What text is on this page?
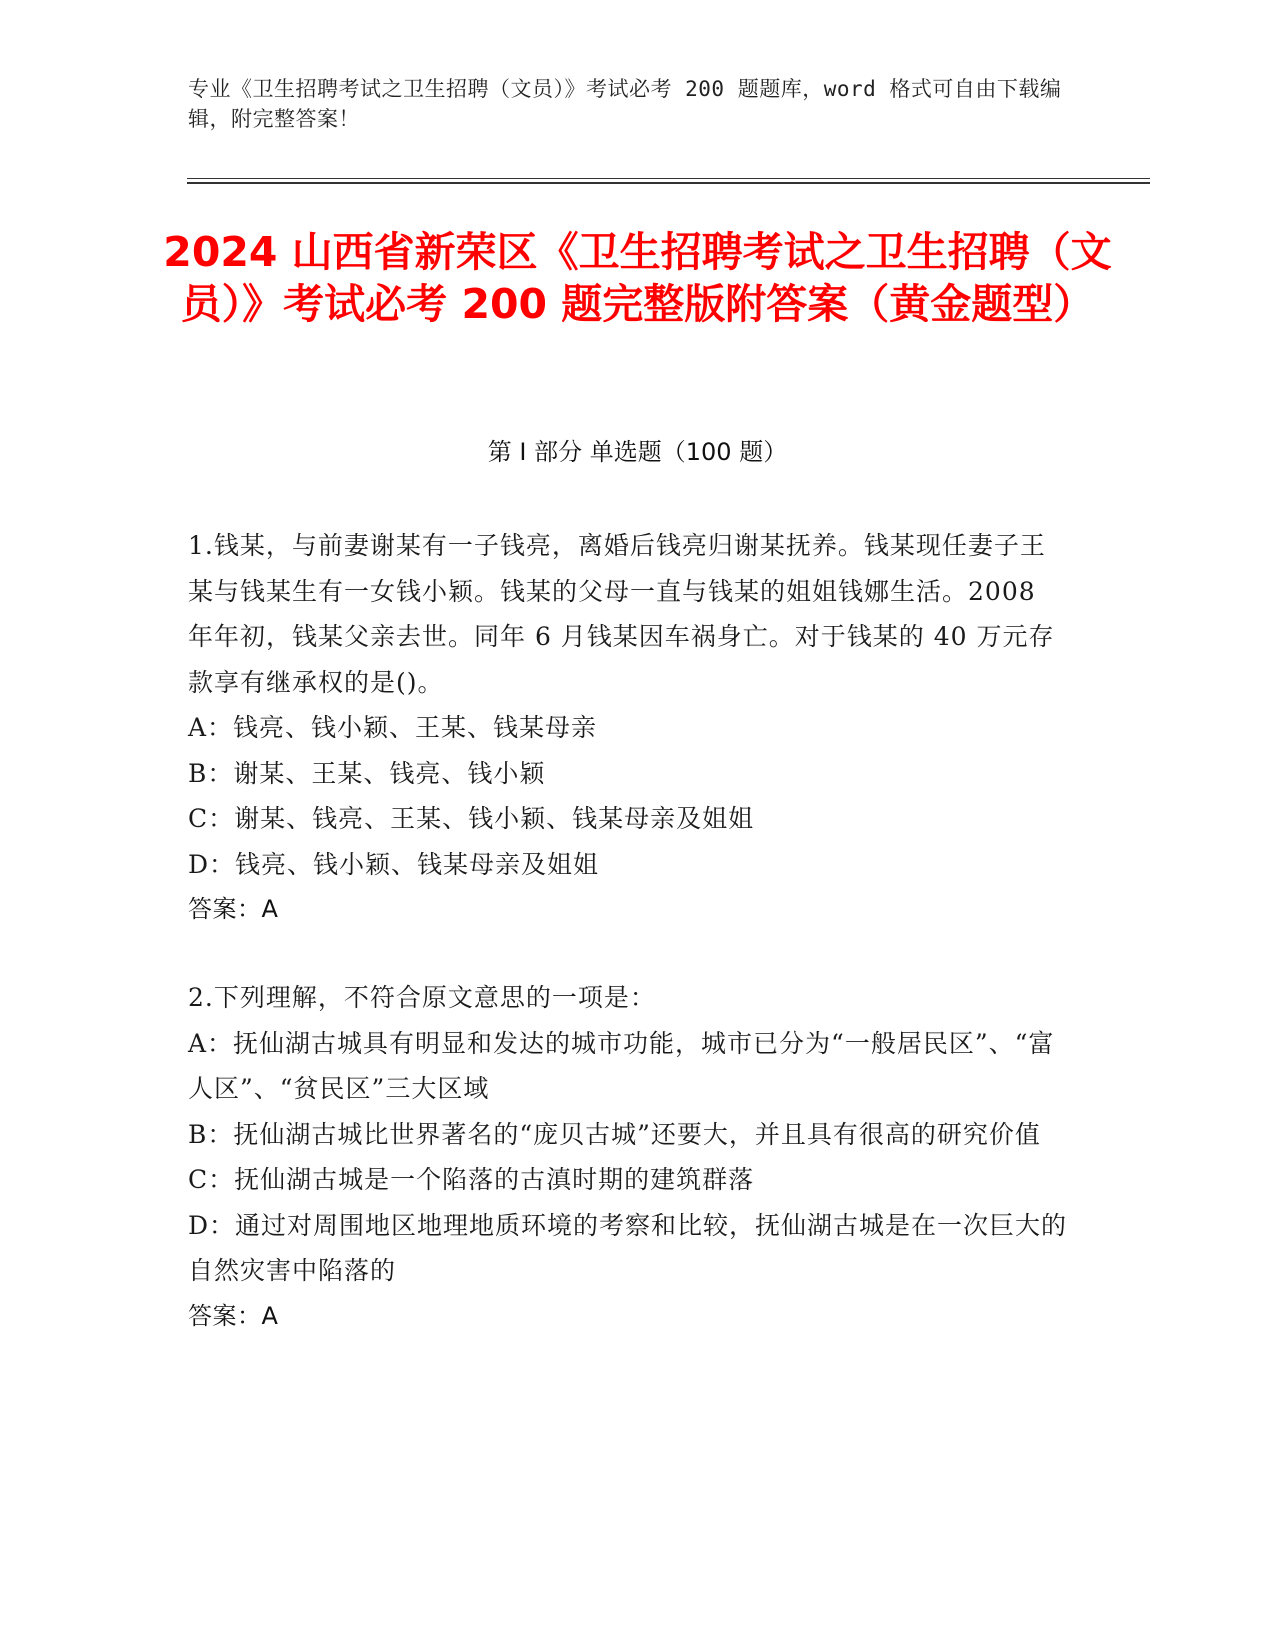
专业《卫生招聘考试之卫生招聘（文员）》考试必考 200 题题库，word 格式可自由下载编辑，附完整答案！
2024 山西省新荣区《卫生招聘考试之卫生招聘（文员）》考试必考 200 题完整版附答案（黄金题型）
第 I 部分 单选题（100 题）

1.钱某，与前妻谢某有一子钱亮，离婚后钱亮归谢某抚养。钱某现任妻子王某与钱某生有一女钱小颖。钱某的父母一直与钱某的姐姐钱娜生活。2008 年年初，钱某父亲去世。同年 6 月钱某因车祸身亡。对于钱某的 40 万元存款享有继承权的是()。

A：钱亮、钱小颖、王某、钱某母亲

B：谢某、王某、钱亮、钱小颖

C：谢某、钱亮、王某、钱小颖、钱某母亲及姐姐

D：钱亮、钱小颖、钱某母亲及姐姐

答案：A

2.下列理解，不符合原文意思的一项是：

A：抚仙湖古城具有明显和发达的城市功能，城市已分为“一般居民区”、“富人区”、“贫民区”三大区域

B：抚仙湖古城比世界著名的“庞贝古城”还要大，并且具有很高的研究价值

C：抚仙湖古城是一个陷落的古滇时期的建筑群落

D：通过对周围地区地理地质环境的考察和比较，抚仙湖古城是在一次巨大的自然灾害中陷落的

答案：A
